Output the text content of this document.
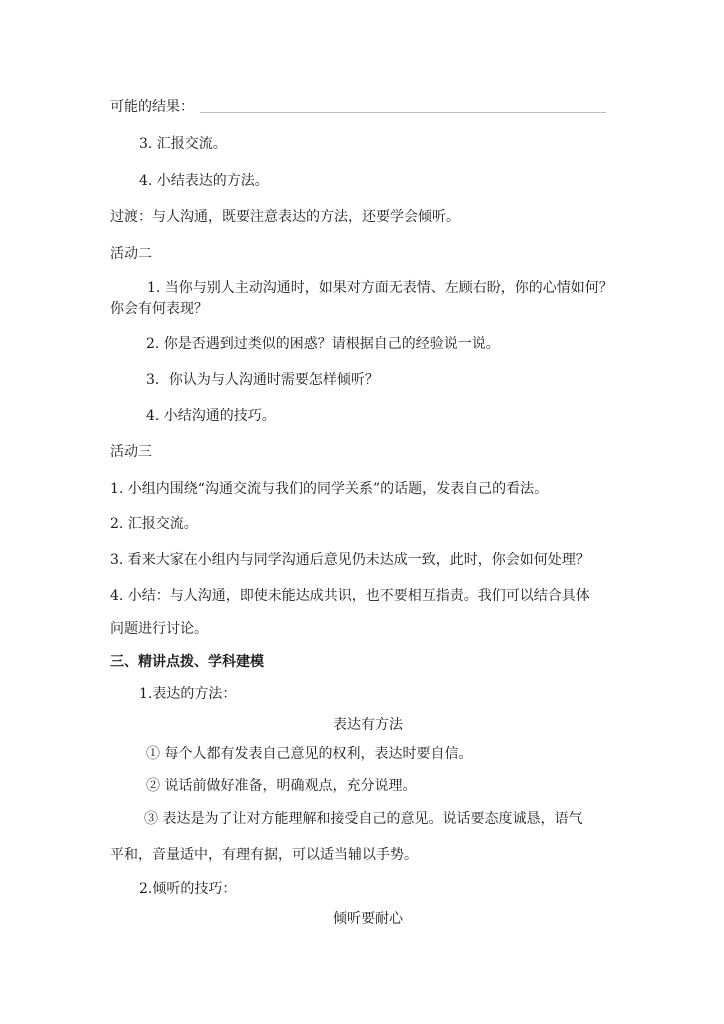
可能的结果：
3. 汇报交流。
4. 小结表达的方法。
过渡：与人沟通，既要注意表达的方法，还要学会倾听。
活动二
1. 当你与别人主动沟通时，如果对方面无表情、左顾右盼，你的心情如何？
你会有何表现？
2. 你是否遇到过类似的困惑？请根据自己的经验说一说。
3．你认为与人沟通时需要怎样倾听？
4. 小结沟通的技巧。
活动三
1. 小组内围绕“沟通交流与我们的同学关系”的话题，发表自己的看法。
2. 汇报交流。
3. 看来大家在小组内与同学沟通后意见仍未达成一致，此时，你会如何处理？
4. 小结：与人沟通，即使未能达成共识，也不要相互指责。我们可以结合具体
问题进行讨论。
三、精讲点拨、学科建模
1.表达的方法：
表达有方法
① 每个人都有发表自己意见的权利，表达时要自信。
② 说话前做好准备，明确观点，充分说理。
③ 表达是为了让对方能理解和接受自己的意见。说话要态度诚恳，语气
平和，音量适中，有理有据，可以适当辅以手势。
2.倾听的技巧：
倾听要耐心
